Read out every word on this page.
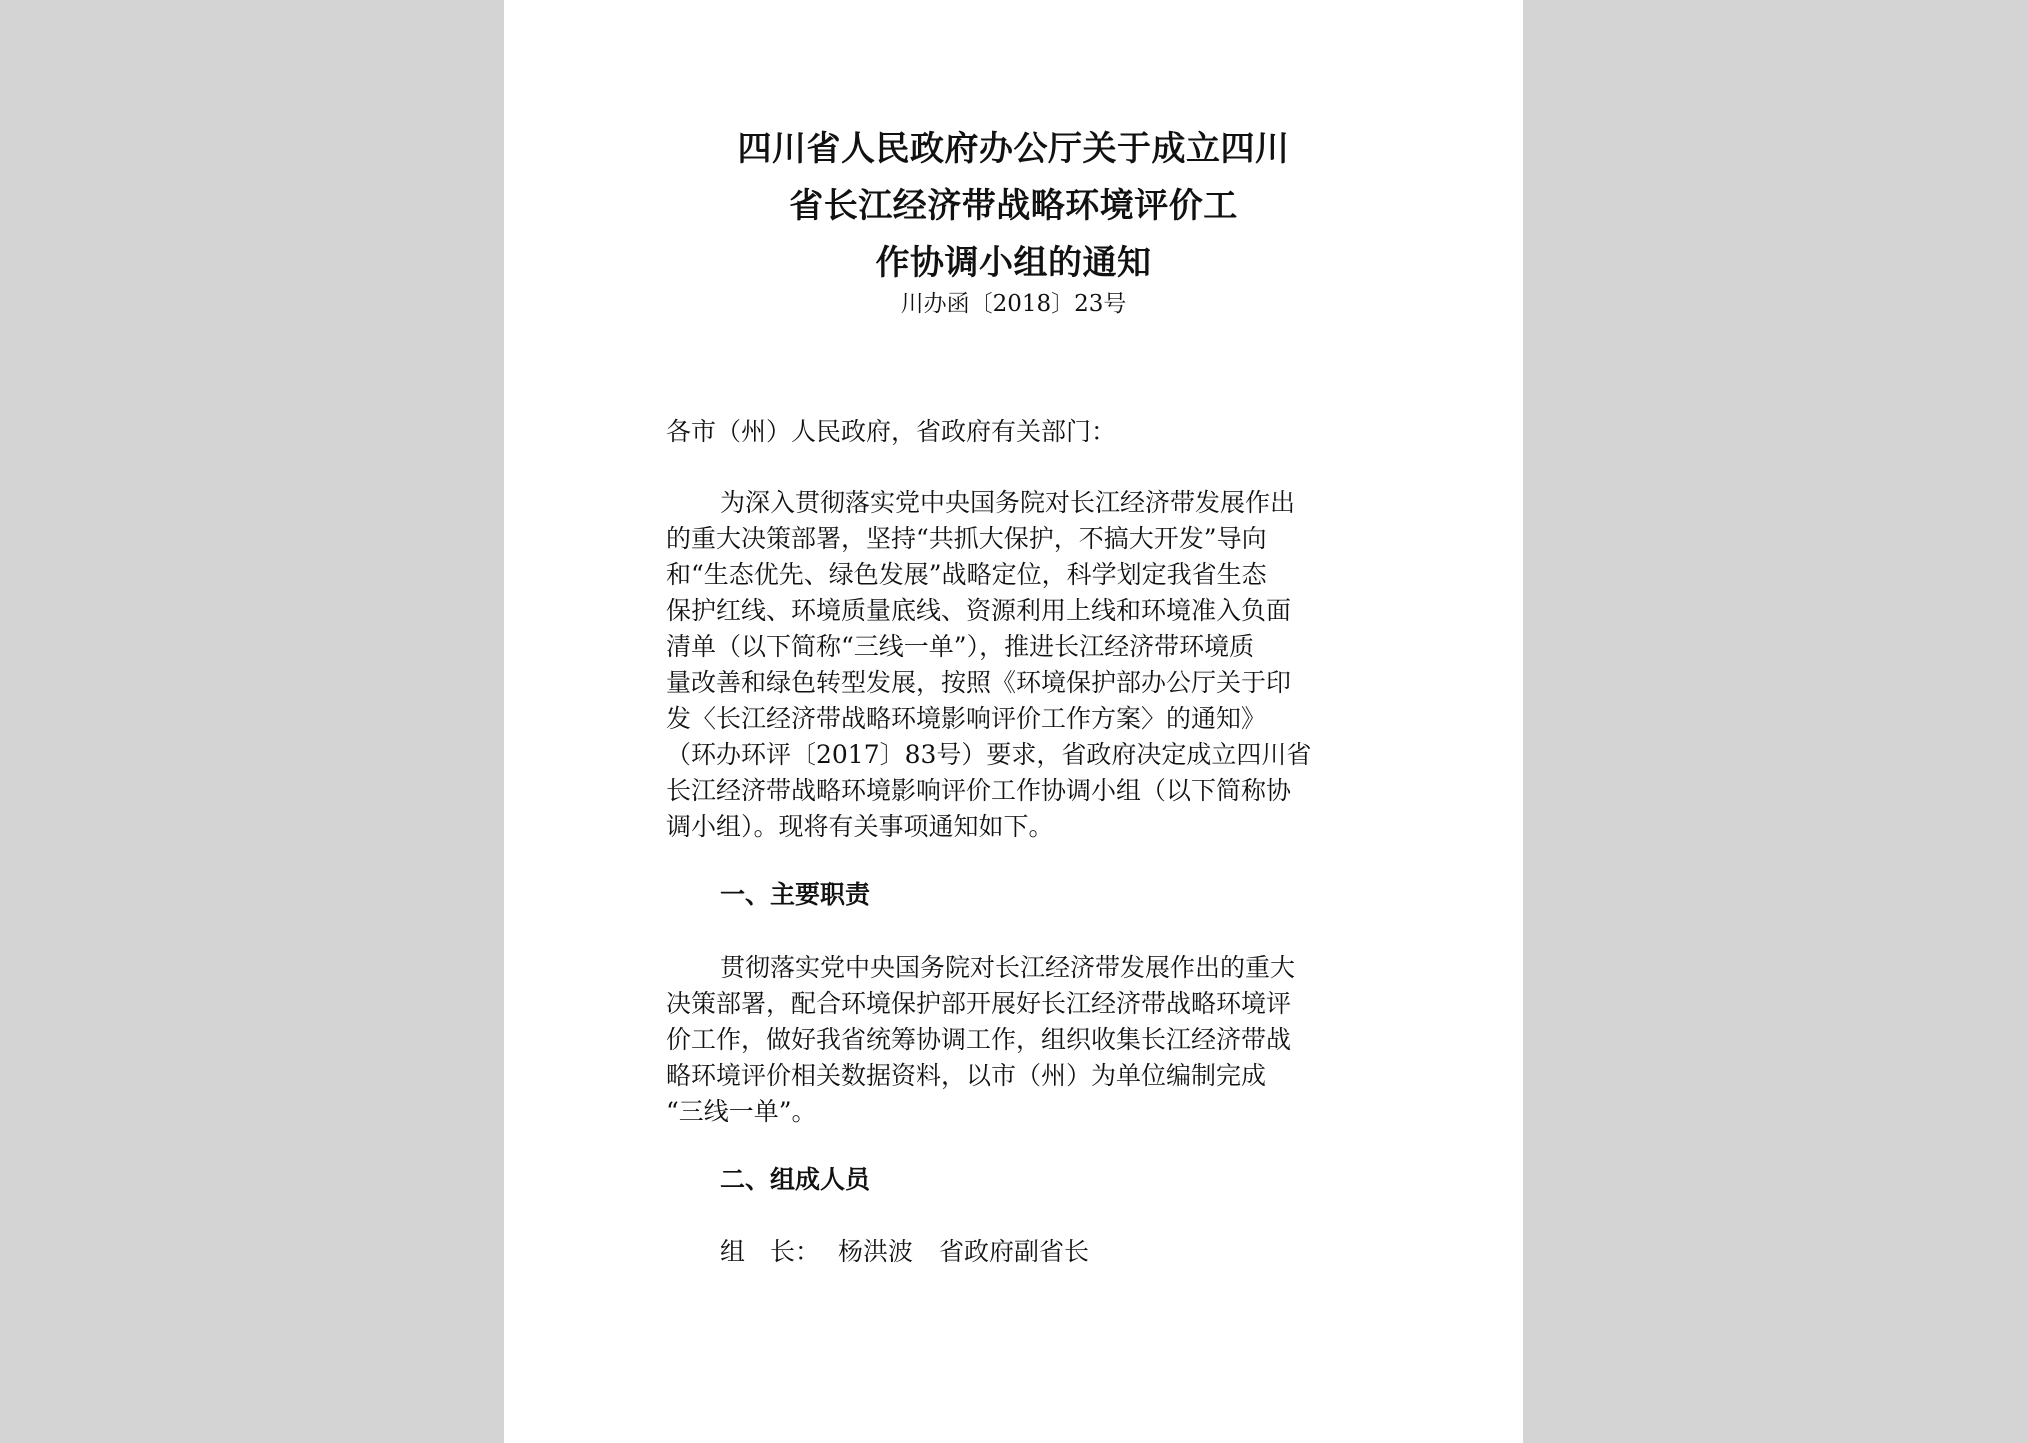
四川省人民政府办公厅关于成立四川
省长江经济带战略环境评价工
作协调小组的通知
川办函〔2018〕23号
各市（州）人民政府，省政府有关部门：
为深入贯彻落实党中央国务院对长江经济带发展作出
的重大决策部署，坚持“共抓大保护，不搞大开发”导向
和“生态优先、绿色发展”战略定位，科学划定我省生态
保护红线、环境质量底线、资源利用上线和环境准入负面
清单（以下简称“三线一单”），推进长江经济带环境质
量改善和绿色转型发展，按照《环境保护部办公厅关于印
发〈长江经济带战略环境影响评价工作方案〉的通知》
（环办环评〔2017〕83号）要求，省政府决定成立四川省
长江经济带战略环境影响评价工作协调小组（以下简称协
调小组）。现将有关事项通知如下。
一、主要职责
贯彻落实党中央国务院对长江经济带发展作出的重大
决策部署，配合环境保护部开展好长江经济带战略环境评
价工作，做好我省统筹协调工作，组织收集长江经济带战
略环境评价相关数据资料，以市（州）为单位编制完成
“三线一单”。
二、组成人员
组　长： 杨洪波 省政府副省长
